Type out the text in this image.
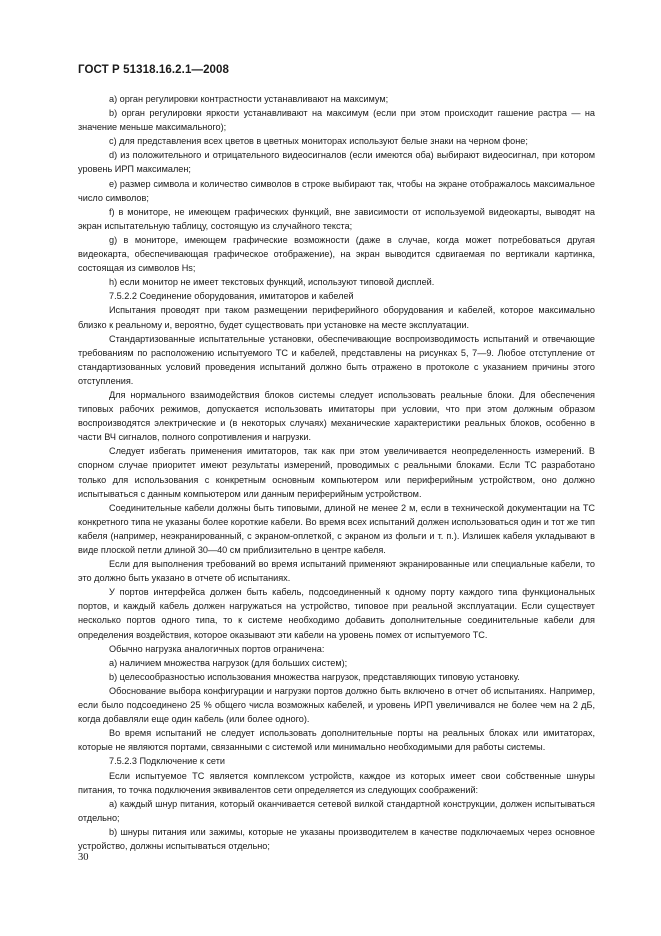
ГОСТ Р 51318.16.2.1—2008

а) орган регулировки контрастности устанавливают на максимум;

b) орган регулировки яркости устанавливают на максимум (если при этом происходит гашение растра — на значение меньше максимального);

с) для представления всех цветов в цветных мониторах используют белые знаки на черном фоне;

d) из положительного и отрицательного видеосигналов (если имеются оба) выбирают видеосигнал, при котором уровень ИРП максимален;

е) размер символа и количество символов в строке выбирают так, чтобы на экране отображалось максимальное число символов;

f) в мониторе, не имеющем графических функций, вне зависимости от используемой видеокарты, выводят на экран испытательную таблицу, состоящую из случайного текста;

g) в мониторе, имеющем графические возможности (даже в случае, когда может потребоваться другая видеокарта, обеспечивающая графическое отображение), на экран выводится сдвигаемая по вертикали картинка, состоящая из символов Hs;

h) если монитор не имеет текстовых функций, используют типовой дисплей.

7.5.2.2 Соединение оборудования, имитаторов и кабелей

Испытания проводят при таком размещении периферийного оборудования и кабелей, которое максимально близко к реальному и, вероятно, будет существовать при установке на месте эксплуатации.

Стандартизованные испытательные установки, обеспечивающие воспроизводимость испытаний и отвечающие требованиям по расположению испытуемого ТС и кабелей, представлены на рисунках 5, 7—9. Любое отступление от стандартизованных условий проведения испытаний должно быть отражено в протоколе с указанием причины этого отступления.

Для нормального взаимодействия блоков системы следует использовать реальные блоки. Для обеспечения типовых рабочих режимов, допускается использовать имитаторы при условии, что при этом должным образом воспроизводятся электрические и (в некоторых случаях) механические характеристики реальных блоков, особенно в части ВЧ сигналов, полного сопротивления и нагрузки.

Следует избегать применения имитаторов, так как при этом увеличивается неопределенность измерений. В спорном случае приоритет имеют результаты измерений, проводимых с реальными блоками. Если ТС разработано только для использования с конкретным основным компьютером или периферийным устройством, оно должно испытываться с данным компьютером или данным периферийным устройством.

Соединительные кабели должны быть типовыми, длиной не менее 2 м, если в технической документации на ТС конкретного типа не указаны более короткие кабели. Во время всех испытаний должен использоваться один и тот же тип кабеля (например, неэкранированный, с экраном-оплеткой, с экраном из фольги и т. п.). Излишек кабеля укладывают в виде плоской петли длиной 30—40 см приблизительно в центре кабеля.

Если для выполнения требований во время испытаний применяют экранированные или специальные кабели, то это должно быть указано в отчете об испытаниях.

У портов интерфейса должен быть кабель, подсоединенный к одному порту каждого типа функциональных портов, и каждый кабель должен нагружаться на устройство, типовое при реальной эксплуатации. Если существует несколько портов одного типа, то к системе необходимо добавить дополнительные соединительные кабели для определения воздействия, которое оказывают эти кабели на уровень помех от испытуемого ТС.

Обычно нагрузка аналогичных портов ограничена:

а) наличием множества нагрузок (для больших систем);

b) целесообразностью использования множества нагрузок, представляющих типовую установку.

Обоснование выбора конфигурации и нагрузки портов должно быть включено в отчет об испытаниях. Например, если было подсоединено 25 % общего числа возможных кабелей, и уровень ИРП увеличивался не более чем на 2 дБ, когда добавляли еще один кабель (или более одного).

Во время испытаний не следует использовать дополнительные порты на реальных блоках или имитаторах, которые не являются портами, связанными с системой или минимально необходимыми для работы системы.

7.5.2.3 Подключение к сети

Если испытуемое ТС является комплексом устройств, каждое из которых имеет свои собственные шнуры питания, то точка подключения эквивалентов сети определяется из следующих соображений:

а) каждый шнур питания, который оканчивается сетевой вилкой стандартной конструкции, должен испытываться отдельно;

b) шнуры питания или зажимы, которые не указаны производителем в качестве подключаемых через основное устройство, должны испытываться отдельно;

30
